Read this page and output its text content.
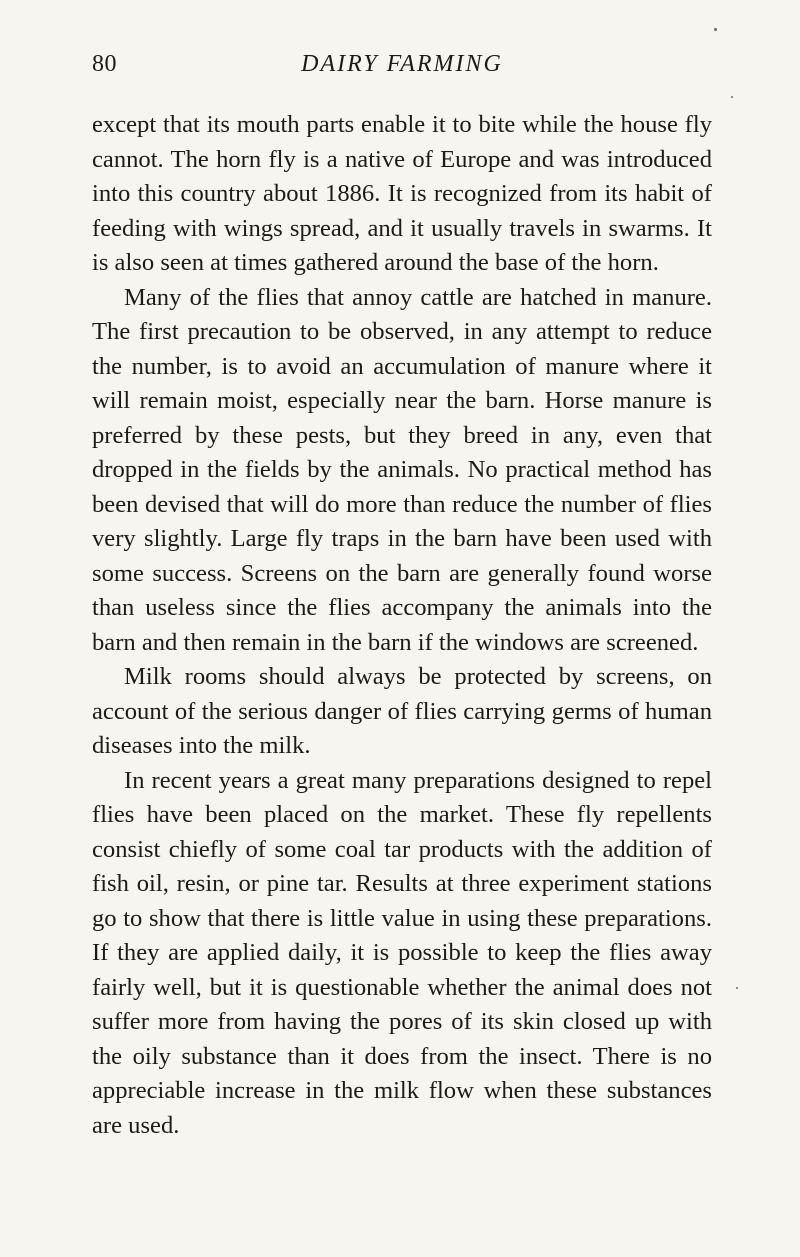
80	DAIRY FARMING

except that its mouth parts enable it to bite while the house fly cannot. The horn fly is a native of Europe and was introduced into this country about 1886. It is recognized from its habit of feeding with wings spread, and it usually travels in swarms. It is also seen at times gathered around the base of the horn.

Many of the flies that annoy cattle are hatched in manure. The first precaution to be observed, in any attempt to reduce the number, is to avoid an accumulation of manure where it will remain moist, especially near the barn. Horse manure is preferred by these pests, but they breed in any, even that dropped in the fields by the animals. No practical method has been devised that will do more than reduce the number of flies very slightly. Large fly traps in the barn have been used with some success. Screens on the barn are generally found worse than useless since the flies accompany the animals into the barn and then remain in the barn if the windows are screened.

Milk rooms should always be protected by screens, on account of the serious danger of flies carrying germs of human diseases into the milk.

In recent years a great many preparations designed to repel flies have been placed on the market. These fly repellents consist chiefly of some coal tar products with the addition of fish oil, resin, or pine tar. Results at three experiment stations go to show that there is little value in using these preparations. If they are applied daily, it is possible to keep the flies away fairly well, but it is questionable whether the animal does not suffer more from having the pores of its skin closed up with the oily substance than it does from the insect. There is no appreciable increase in the milk flow when these substances are used.
